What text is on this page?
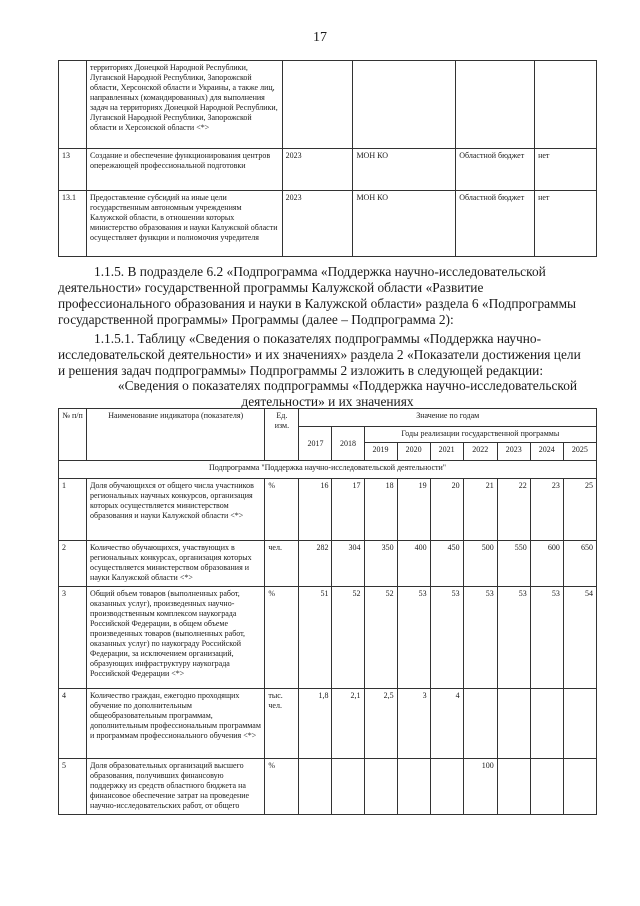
17
	территориях Донецкой Народной Республики, Луганской Народной Республики, Запорожской области, Херсонской области и Украины, а также лиц, направленных (командированных) для выполнения задач на территориях Донецкой Народной Республики, Луганской Народной Республики, Запорожской области и Херсонской области <*>				
13	Создание и обеспечение функционирования центров опережающей профессиональной подготовки	2023	МОН КО	Областной бюджет	нет
13.1	Предоставление субсидий на иные цели государственным автономным учреждениям Калужской области, в отношении которых министерство образования и науки Калужской области осуществляет функции и полномочия учредителя	2023	МОН КО	Областной бюджет	нет
1.1.5. В подразделе 6.2 «Подпрограмма «Поддержка научно-исследовательской
деятельности» государственной программы Калужской области «Развитие
профессионального образования и науки в Калужской области» раздела 6 «Подпрограммы
государственной программы» Программы (далее – Подпрограмма 2):
1.1.5.1. Таблицу «Сведения о показателях подпрограммы «Поддержка научно-
исследовательской деятельности» и их значениях» раздела 2 «Показатели достижения цели
и решения задач подпрограммы» Подпрограммы 2 изложить в следующей редакции:
«Сведения о показателях подпрограммы «Поддержка научно-исследовательской
деятельности» и их значениях
№ п/п	Наименование индикатора (показателя)	Ед. изм.	Значение по годам								
			2017	2018	Годы реализации государственной программы						
					2019	2020	2021	2022	2023	2024	2025
Подпрограмма "Поддержка научно-исследовательской деятельности"											
1	Доля обучающихся от общего числа участников региональных научных конкурсов, организация которых осуществляется министерством образования и науки Калужской области <*>	%	16	17	18	19	20	21	22	23	25
2	Количество обучающихся, участвующих в региональных конкурсах, организация которых осуществляется министерством образования и науки Калужской области <*>	чел.	282	304	350	400	450	500	550	600	650
3	Общий объем товаров (выполненных работ, оказанных услуг), произведенных научно-производственным комплексом наукограда Российской Федерации, в общем объеме произведенных товаров (выполненных работ, оказанных услуг) по наукограду Российской Федерации, за исключением организаций, образующих инфраструктуру наукограда Российской Федерации <*>	%	51	52	52	53	53	53	53	53	54
4	Количество граждан, ежегодно проходящих обучение по дополнительным общеобразовательным программам, дополнительным профессиональным программам и программам профессионального обучения <*>	тыс. чел.	1,8	2,1	2,5	3	4				
5	Доля образовательных организаций высшего образования, получивших финансовую поддержку из средств областного бюджета на финансовое обеспечение затрат на проведение научно-исследовательских работ, от общего	%						100			
